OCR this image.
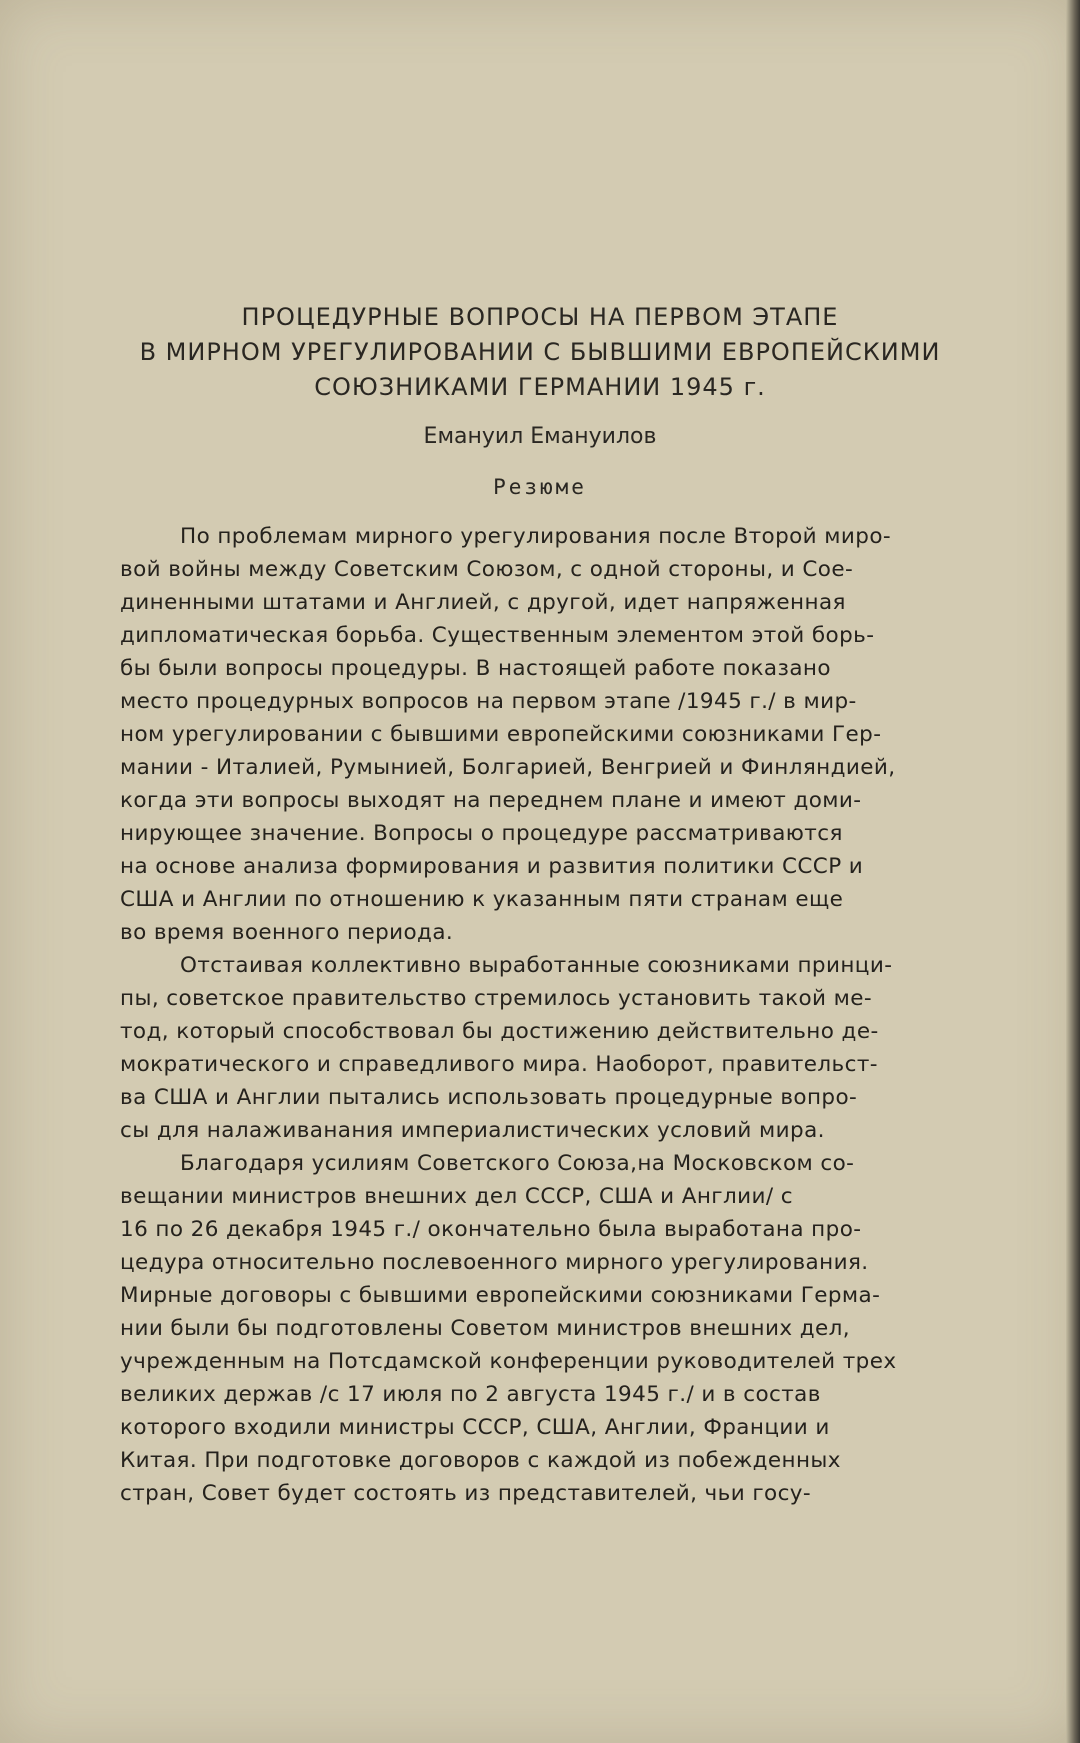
ПРОЦЕДУРНЫЕ ВОПРОСЫ НА ПЕРВОМ ЭТАПЕ
В МИРНОМ УРЕГУЛИРОВАНИИ С БЫВШИМИ ЕВРОПЕЙСКИМИ
СОЮЗНИКАМИ ГЕРМАНИИ 1945 г.
Емануил Емануилов
Резюме
По проблемам мирного урегулирования после Второй миро-
вой войны между Советским Союзом, с одной стороны, и Сое-
диненными штатами и Англией, с другой, идет напряженная
дипломатическая борьба. Существенным элементом этой борь-
бы были вопросы процедуры. В настоящей работе показано
место процедурных вопросов на первом этапе /1945 г./ в мир-
ном урегулировании с бывшими европейскими союзниками Гер-
мании - Италией, Румынией, Болгарией, Венгрией и Финляндией,
когда эти вопросы выходят на переднем плане и имеют доми-
нирующее значение. Вопросы о процедуре рассматриваются
на основе анализа формирования и развития политики СССР и
США и Англии по отношению к указанным пяти странам еще
во время военного периода.
Отстаивая коллективно выработанные союзниками принци-
пы, советское правительство стремилось установить такой ме-
тод, который способствовал бы достижению действительно де-
мократического и справедливого мира. Наоборот, правительст-
ва США и Англии пытались использовать процедурные вопро-
сы для налаживанания империалистических условий мира.
Благодаря усилиям Советского Союза,на Московском со-
вещании министров внешних дел СССР, США и Англии/ с
16 по 26 декабря 1945 г./ окончательно была выработана про-
цедура относительно послевоенного мирного урегулирования.
Мирные договоры с бывшими европейскими союзниками Герма-
нии были бы подготовлены Советом министров внешних дел,
учрежденным на Потсдамской конференции руководителей трех
великих держав /с 17 июля по 2 августа 1945 г./ и в состав
которого входили министры СССР, США, Англии, Франции и
Китая. При подготовке договоров с каждой из побежденных
стран, Совет будет состоять из представителей, чьи госу-
